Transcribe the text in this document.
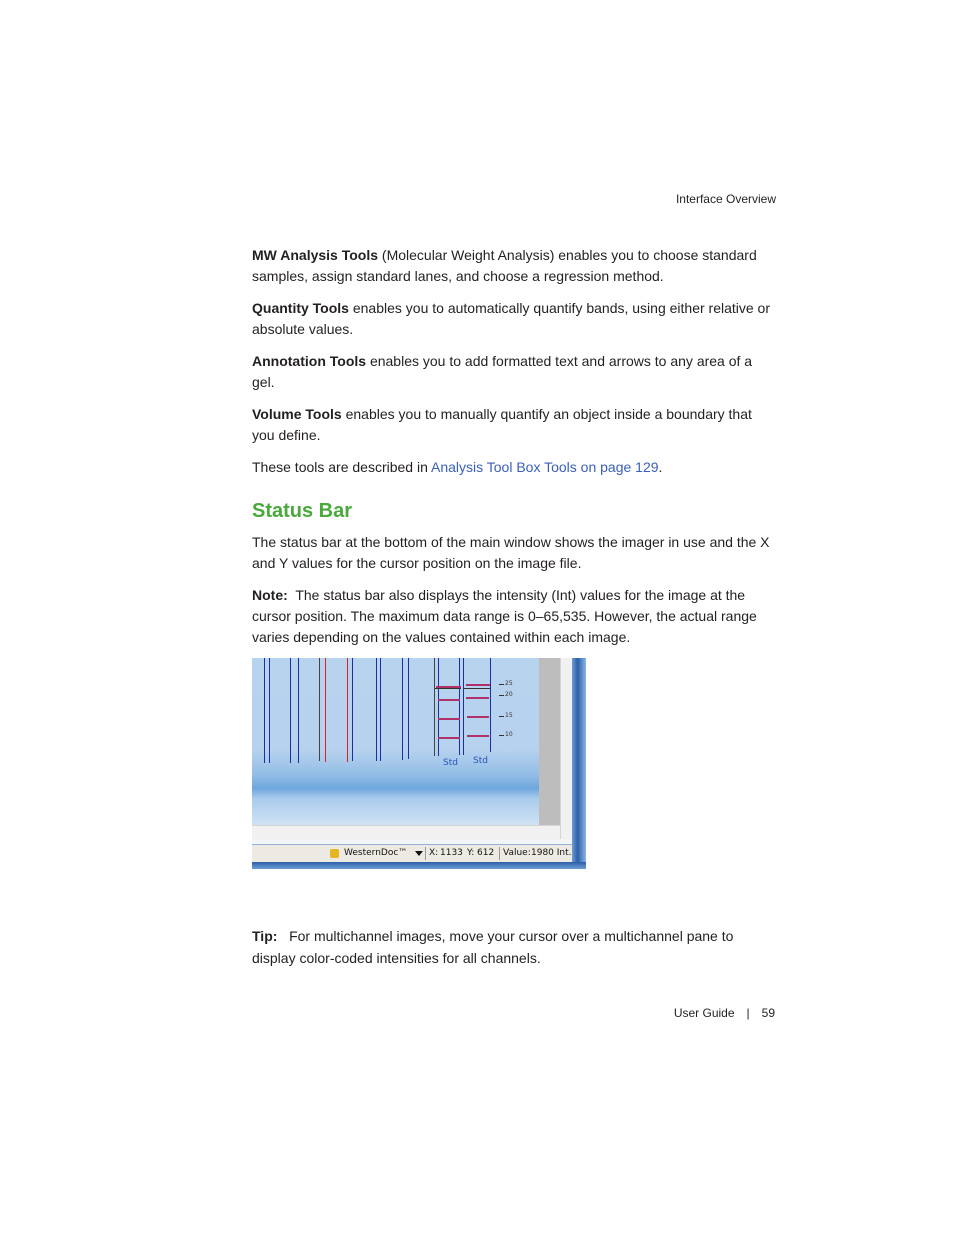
Interface Overview

MW Analysis Tools (Molecular Weight Analysis) enables you to choose standard samples, assign standard lanes, and choose a regression method.

Quantity Tools enables you to automatically quantify bands, using either relative or absolute values.

Annotation Tools enables you to add formatted text and arrows to any area of a gel.

Volume Tools enables you to manually quantify an object inside a boundary that you define.

These tools are described in Analysis Tool Box Tools on page 129.

Status Bar

The status bar at the bottom of the main window shows the imager in use and the X and Y values for the cursor position on the image file.

Note: The status bar also displays the intensity (Int) values for the image at the cursor position. The maximum data range is 0–65,535. However, the actual range varies depending on the values contained within each image.

25
20
15
10
Std Std
WesternDoc™ X: 1133 Y: 612 Value: 1980 Int.

Tip: For multichannel images, move your cursor over a multichannel pane to display color-coded intensities for all channels.

User Guide | 59
